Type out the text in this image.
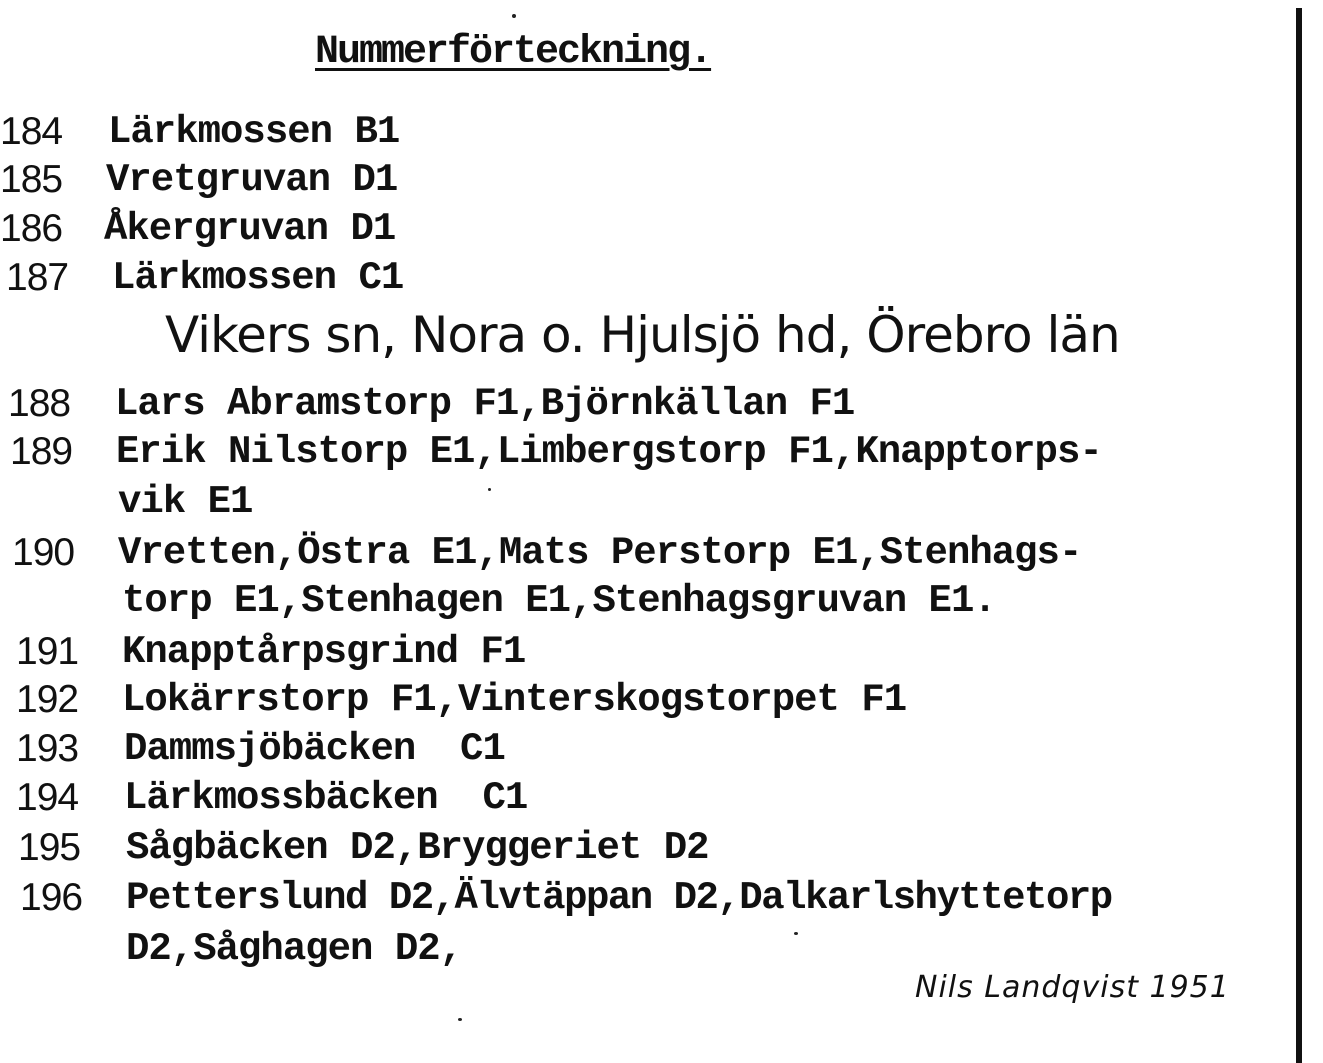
Nummerförteckning.
184 Lärkmossen B1
185 Vretgruvan D1
186 Åkergruvan D1
187 Lärkmossen C1
Vikers sn, Nora o. Hjulsjö hd, Örebro län
188 Lars Abramstorp F1,Björnkällan F1
189 Erik Nilstorp E1,Limbergstorp F1,Knapptorps-
vik E1
190 Vretten,Östra E1,Mats Perstorp E1,Stenhags-
torp E1,Stenhagen E1,Stenhagsgruvan E1.
191 Knapptårpsgrind F1
192 Lokärrstorp F1,Vinterskogstorpet F1
193 Dammsjöbäcken  C1
194 Lärkmossbäcken  C1
195 Sågbäcken D2,Bryggeriet D2
196 Petterslund D2,Älvtäppan D2,Dalkarlshyttetorp
D2,Såghagen D2,
Nils Landqvist 1951
